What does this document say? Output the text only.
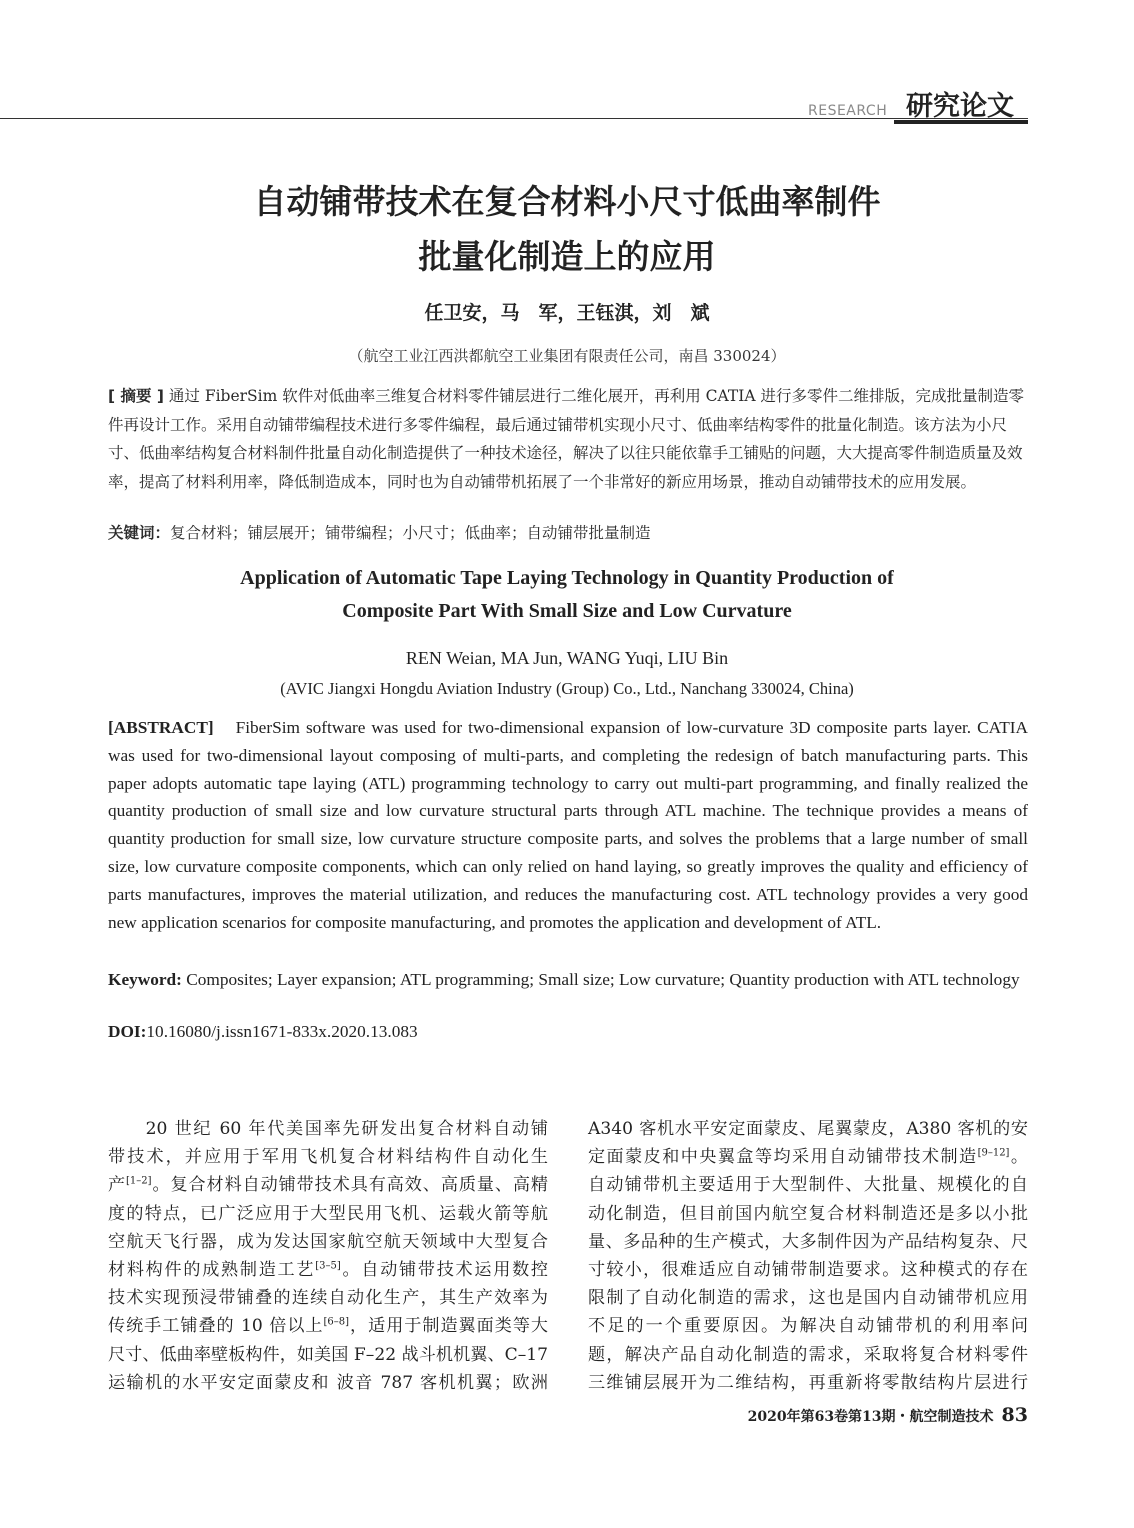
RESEARCH 研究论文
自动铺带技术在复合材料小尺寸低曲率制件
批量化制造上的应用
任卫安，马　军，王钰淇，刘　斌
（航空工业江西洪都航空工业集团有限责任公司，南昌 330024）
[ 摘要 ] 通过 FiberSim 软件对低曲率三维复合材料零件铺层进行二维化展开，再利用 CATIA 进行多零件二维排版，完成批量制造零件再设计工作。采用自动铺带编程技术进行多零件编程，最后通过铺带机实现小尺寸、低曲率结构零件的批量化制造。该方法为小尺寸、低曲率结构复合材料制件批量自动化制造提供了一种技术途径，解决了以往只能依靠手工铺贴的问题，大大提高零件制造质量及效率，提高了材料利用率，降低制造成本，同时也为自动铺带机拓展了一个非常好的新应用场景，推动自动铺带技术的应用发展。
关键词：复合材料；铺层展开；铺带编程；小尺寸；低曲率；自动铺带批量制造
Application of Automatic Tape Laying Technology in Quantity Production of
Composite Part With Small Size and Low Curvature
REN Weian, MA Jun, WANG Yuqi, LIU Bin
(AVIC Jiangxi Hongdu Aviation Industry (Group) Co., Ltd., Nanchang 330024, China)
[ABSTRACT] FiberSim software was used for two-dimensional expansion of low-curvature 3D composite parts layer. CATIA was used for two-dimensional layout composing of multi-parts, and completing the redesign of batch manufacturing parts. This paper adopts automatic tape laying (ATL) programming technology to carry out multi-part programming, and finally realized the quantity production of small size and low curvature structural parts through ATL machine. The technique provides a means of quantity production for small size, low curvature structure composite parts, and solves the problems that a large number of small size, low curvature composite components, which can only relied on hand laying, so greatly improves the quality and efficiency of parts manufactures, improves the material utilization, and reduces the manufacturing cost. ATL technology provides a very good new application scenarios for composite manufacturing, and promotes the application and development of ATL.
Keyword: Composites; Layer expansion; ATL programming; Small size; Low curvature; Quantity production with ATL technology
DOI:10.16080/j.issn1671-833x.2020.13.083
　　20 世纪 60 年代美国率先研发出复合材料自动铺
带技术，并应用于军用飞机复合材料结构件自动化生
产[1–2]。复合材料自动铺带技术具有高效、高质量、高精
度的特点，已广泛应用于大型民用飞机、运载火箭等航
空航天飞行器，成为发达国家航空航天领域中大型复合
材料构件的成熟制造工艺[3–5]。自动铺带技术运用数控
技术实现预浸带铺叠的连续自动化生产，其生产效率为
传统手工铺叠的 10 倍以上[6–8]，适用于制造翼面类等大
尺寸、低曲率壁板构件，如美国 F–22 战斗机机翼、C–17
运输机的水平安定面蒙皮和 波音 787 客机机翼；欧洲
A340 客机水平安定面蒙皮、尾翼蒙皮，A380 客机的安
定面蒙皮和中央翼盒等均采用自动铺带技术制造[9–12]。
自动铺带机主要适用于大型制件、大批量、规模化的自
动化制造，但目前国内航空复合材料制造还是多以小批
量、多品种的生产模式，大多制件因为产品结构复杂、尺
寸较小，很难适应自动铺带制造要求。这种模式的存在
限制了自动化制造的需求，这也是国内自动铺带机应用
不足的一个重要原因。为解决自动铺带机的利用率问
题，解决产品自动化制造的需求，采取将复合材料零件
三维铺层展开为二维结构，再重新将零散结构片层进行
2020年第63卷第13期・航空制造技术 83
